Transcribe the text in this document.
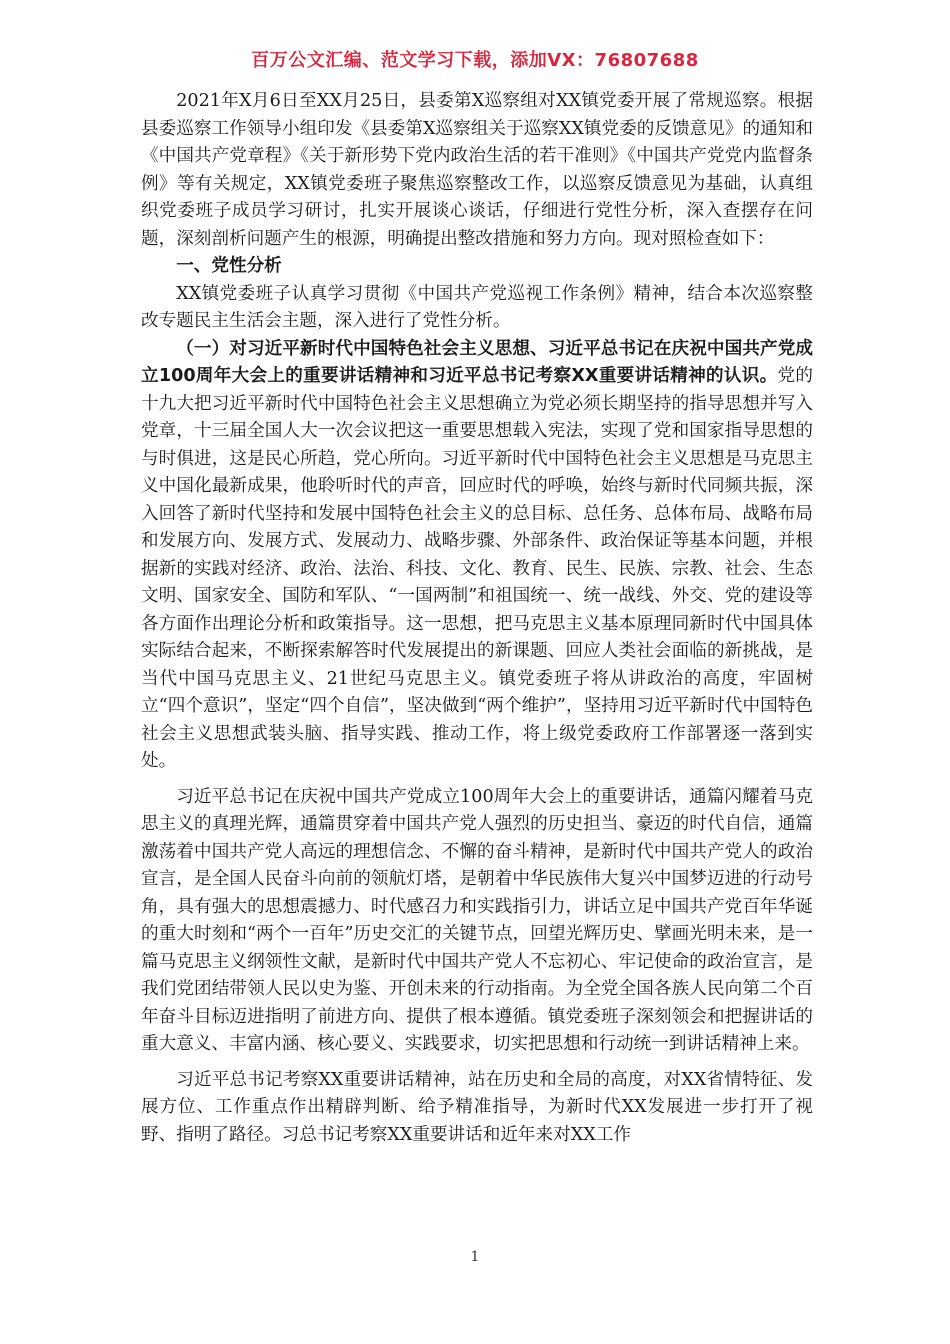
百万公文汇编、范文学习下载，添加VX：76807688

2021年X月6日至XX月25日，县委第X巡察组对XX镇党委开展了常规巡察。根据县委巡察工作领导小组印发《县委第X巡察组关于巡察XX镇党委的反馈意见》的通知和《中国共产党章程》《关于新形势下党内政治生活的若干准则》《中国共产党党内监督条例》等有关规定，XX镇党委班子聚焦巡察整改工作，以巡察反馈意见为基础，认真组织党委班子成员学习研讨，扎实开展谈心谈话，仔细进行党性分析，深入查摆存在问题，深刻剖析问题产生的根源，明确提出整改措施和努力方向。现对照检查如下：

一、党性分析

XX镇党委班子认真学习贯彻《中国共产党巡视工作条例》精神，结合本次巡察整改专题民主生活会主题，深入进行了党性分析。

（一）对习近平新时代中国特色社会主义思想、习近平总书记在庆祝中国共产党成立100周年大会上的重要讲话精神和习近平总书记考察XX重要讲话精神的认识。党的十九大把习近平新时代中国特色社会主义思想确立为党必须长期坚持的指导思想并写入党章，十三届全国人大一次会议把这一重要思想载入宪法，实现了党和国家指导思想的与时俱进，这是民心所趋，党心所向。习近平新时代中国特色社会主义思想是马克思主义中国化最新成果，他聆听时代的声音，回应时代的呼唤，始终与新时代同频共振，深入回答了新时代坚持和发展中国特色社会主义的总目标、总任务、总体布局、战略布局和发展方向、发展方式、发展动力、战略步骤、外部条件、政治保证等基本问题，并根据新的实践对经济、政治、法治、科技、文化、教育、民生、民族、宗教、社会、生态文明、国家安全、国防和军队、“一国两制”和祖国统一、统一战线、外交、党的建设等各方面作出理论分析和政策指导。这一思想，把马克思主义基本原理同新时代中国具体实际结合起来，不断探索解答时代发展提出的新课题、回应人类社会面临的新挑战，是当代中国马克思主义、21世纪马克思主义。镇党委班子将从讲政治的高度，牢固树立“四个意识”，坚定“四个自信”，坚决做到“两个维护”，坚持用习近平新时代中国特色社会主义思想武装头脑、指导实践、推动工作，将上级党委政府工作部署逐一落到实处。

习近平总书记在庆祝中国共产党成立100周年大会上的重要讲话，通篇闪耀着马克思主义的真理光辉，通篇贯穿着中国共产党人强烈的历史担当、豪迈的时代自信，通篇激荡着中国共产党人高远的理想信念、不懈的奋斗精神，是新时代中国共产党人的政治宣言，是全国人民奋斗向前的领航灯塔，是朝着中华民族伟大复兴中国梦迈进的行动号角，具有强大的思想震撼力、时代感召力和实践指引力，讲话立足中国共产党百年华诞的重大时刻和“两个一百年”历史交汇的关键节点，回望光辉历史、擘画光明未来，是一篇马克思主义纲领性文献，是新时代中国共产党人不忘初心、牢记使命的政治宣言，是我们党团结带领人民以史为鉴、开创未来的行动指南。为全党全国各族人民向第二个百年奋斗目标迈进指明了前进方向、提供了根本遵循。镇党委班子深刻领会和把握讲话的重大意义、丰富内涵、核心要义、实践要求，切实把思想和行动统一到讲话精神上来。

习近平总书记考察XX重要讲话精神，站在历史和全局的高度，对XX省情特征、发展方位、工作重点作出精辟判断、给予精准指导，为新时代XX发展进一步打开了视野、指明了路径。习总书记考察XX重要讲话和近年来对XX工作

1
